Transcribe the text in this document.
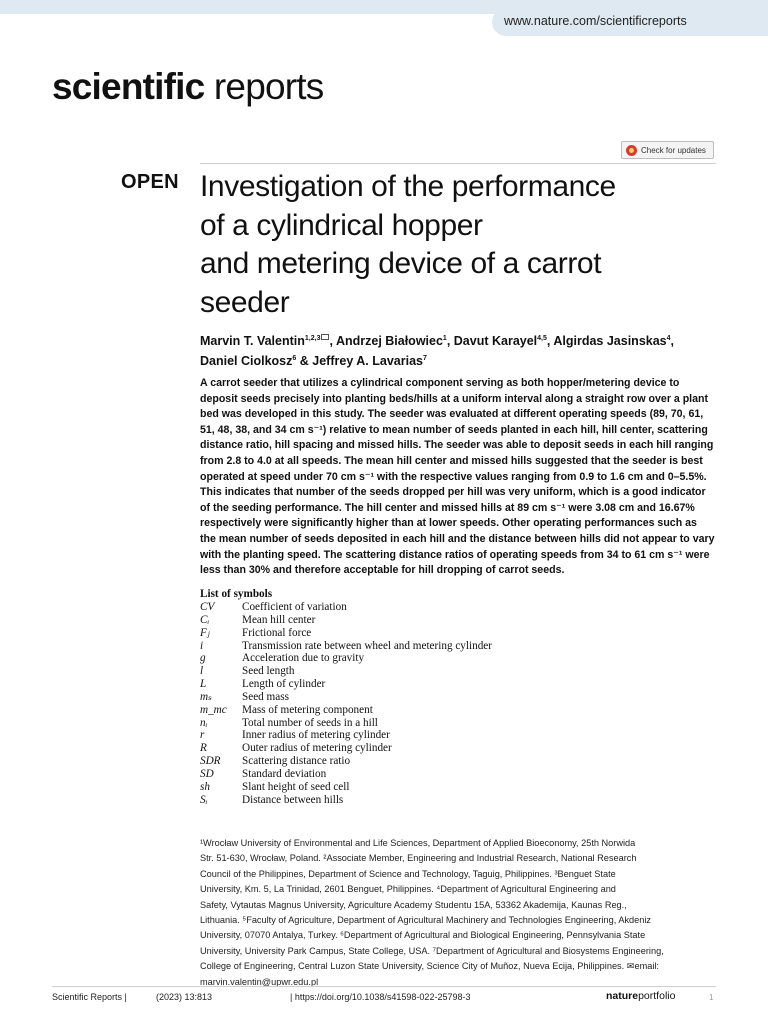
www.nature.com/scientificreports
scientific reports
Check for updates
OPEN Investigation of the performance
of a cylindrical hopper
and metering device of a carrot
seeder
Marvin T. Valentin$^{1,2,3}$ , Andrzej Białowiec$^1$, Davut Karayel$^{4,5}$, Algirdas Jasinskas$^4$,
Daniel Ciolkosz$^6$ & Jeffrey A. Lavarias$^7$
A carrot seeder that utilizes a cylindrical component serving as both hopper/metering device to
deposit seeds precisely into planting beds/hills at a uniform interval along a straight row over a plant
bed was developed in this study. The seeder was evaluated at different operating speeds (89, 70, 61,
51, 48, 38, and 34 cm s⁻¹) relative to mean number of seeds planted in each hill, hill center, scattering
distance ratio, hill spacing and missed hills. The seeder was able to deposit seeds in each hill ranging
from 2.8 to 4.0 at all speeds. The mean hill center and missed hills suggested that the seeder is best
operated at speed under 70 cm s⁻¹ with the respective values ranging from 0.9 to 1.6 cm and 0–5.5%.
This indicates that number of the seeds dropped per hill was very uniform, which is a good indicator
of the seeding performance. The hill center and missed hills at 89 cm s⁻¹ were 3.08 cm and 16.67%
respectively were significantly higher than at lower speeds. Other operating performances such as
the mean number of seeds deposited in each hill and the distance between hills did not appear to vary
with the planting speed. The scattering distance ratios of operating speeds from 34 to 61 cm s⁻¹ were
less than 30% and therefore acceptable for hill dropping of carrot seeds.
List of symbols
CV	Coefficient of variation
Cᵢ	Mean hill center
Fⱼ	Frictional force
i	Transmission rate between wheel and metering cylinder
g	Acceleration due to gravity
l	Seed length
L	Length of cylinder
mₛ	Seed mass
m_mc	Mass of metering component
nᵢ	Total number of seeds in a hill
r	Inner radius of metering cylinder
R	Outer radius of metering cylinder
SDR	Scattering distance ratio
SD	Standard deviation
sh	Slant height of seed cell
Sᵢ	Distance between hills
¹Wrocław University of Environmental and Life Sciences, Department of Applied Bioeconomy, 25th Norwida
Str. 51-630, Wrocław, Poland. ²Associate Member, Engineering and Industrial Research, National Research
Council of the Philippines, Department of Science and Technology, Taguig, Philippines. ³Benguet State
University, Km. 5, La Trinidad, 2601 Benguet, Philippines. ⁴Department of Agricultural Engineering and
Safety, Vytautas Magnus University, Agriculture Academy Studentu 15A, 53362 Akademija, Kaunas Reg.,
Lithuania. ⁵Faculty of Agriculture, Department of Agricultural Machinery and Technologies Engineering, Akdeniz
University, 07070 Antalya, Turkey. ⁶Department of Agricultural and Biological Engineering, Pennsylvania State
University, University Park Campus, State College, USA. ⁷Department of Agricultural and Biosystems Engineering,
College of Engineering, Central Luzon State University, Science City of Muñoz, Nueva Ecija, Philippines. ✉email:
marvin.valentin@upwr.edu.pl
Scientific Reports |	(2023) 13:813	| https://doi.org/10.1038/s41598-022-25798-3	natureportfolio	1
